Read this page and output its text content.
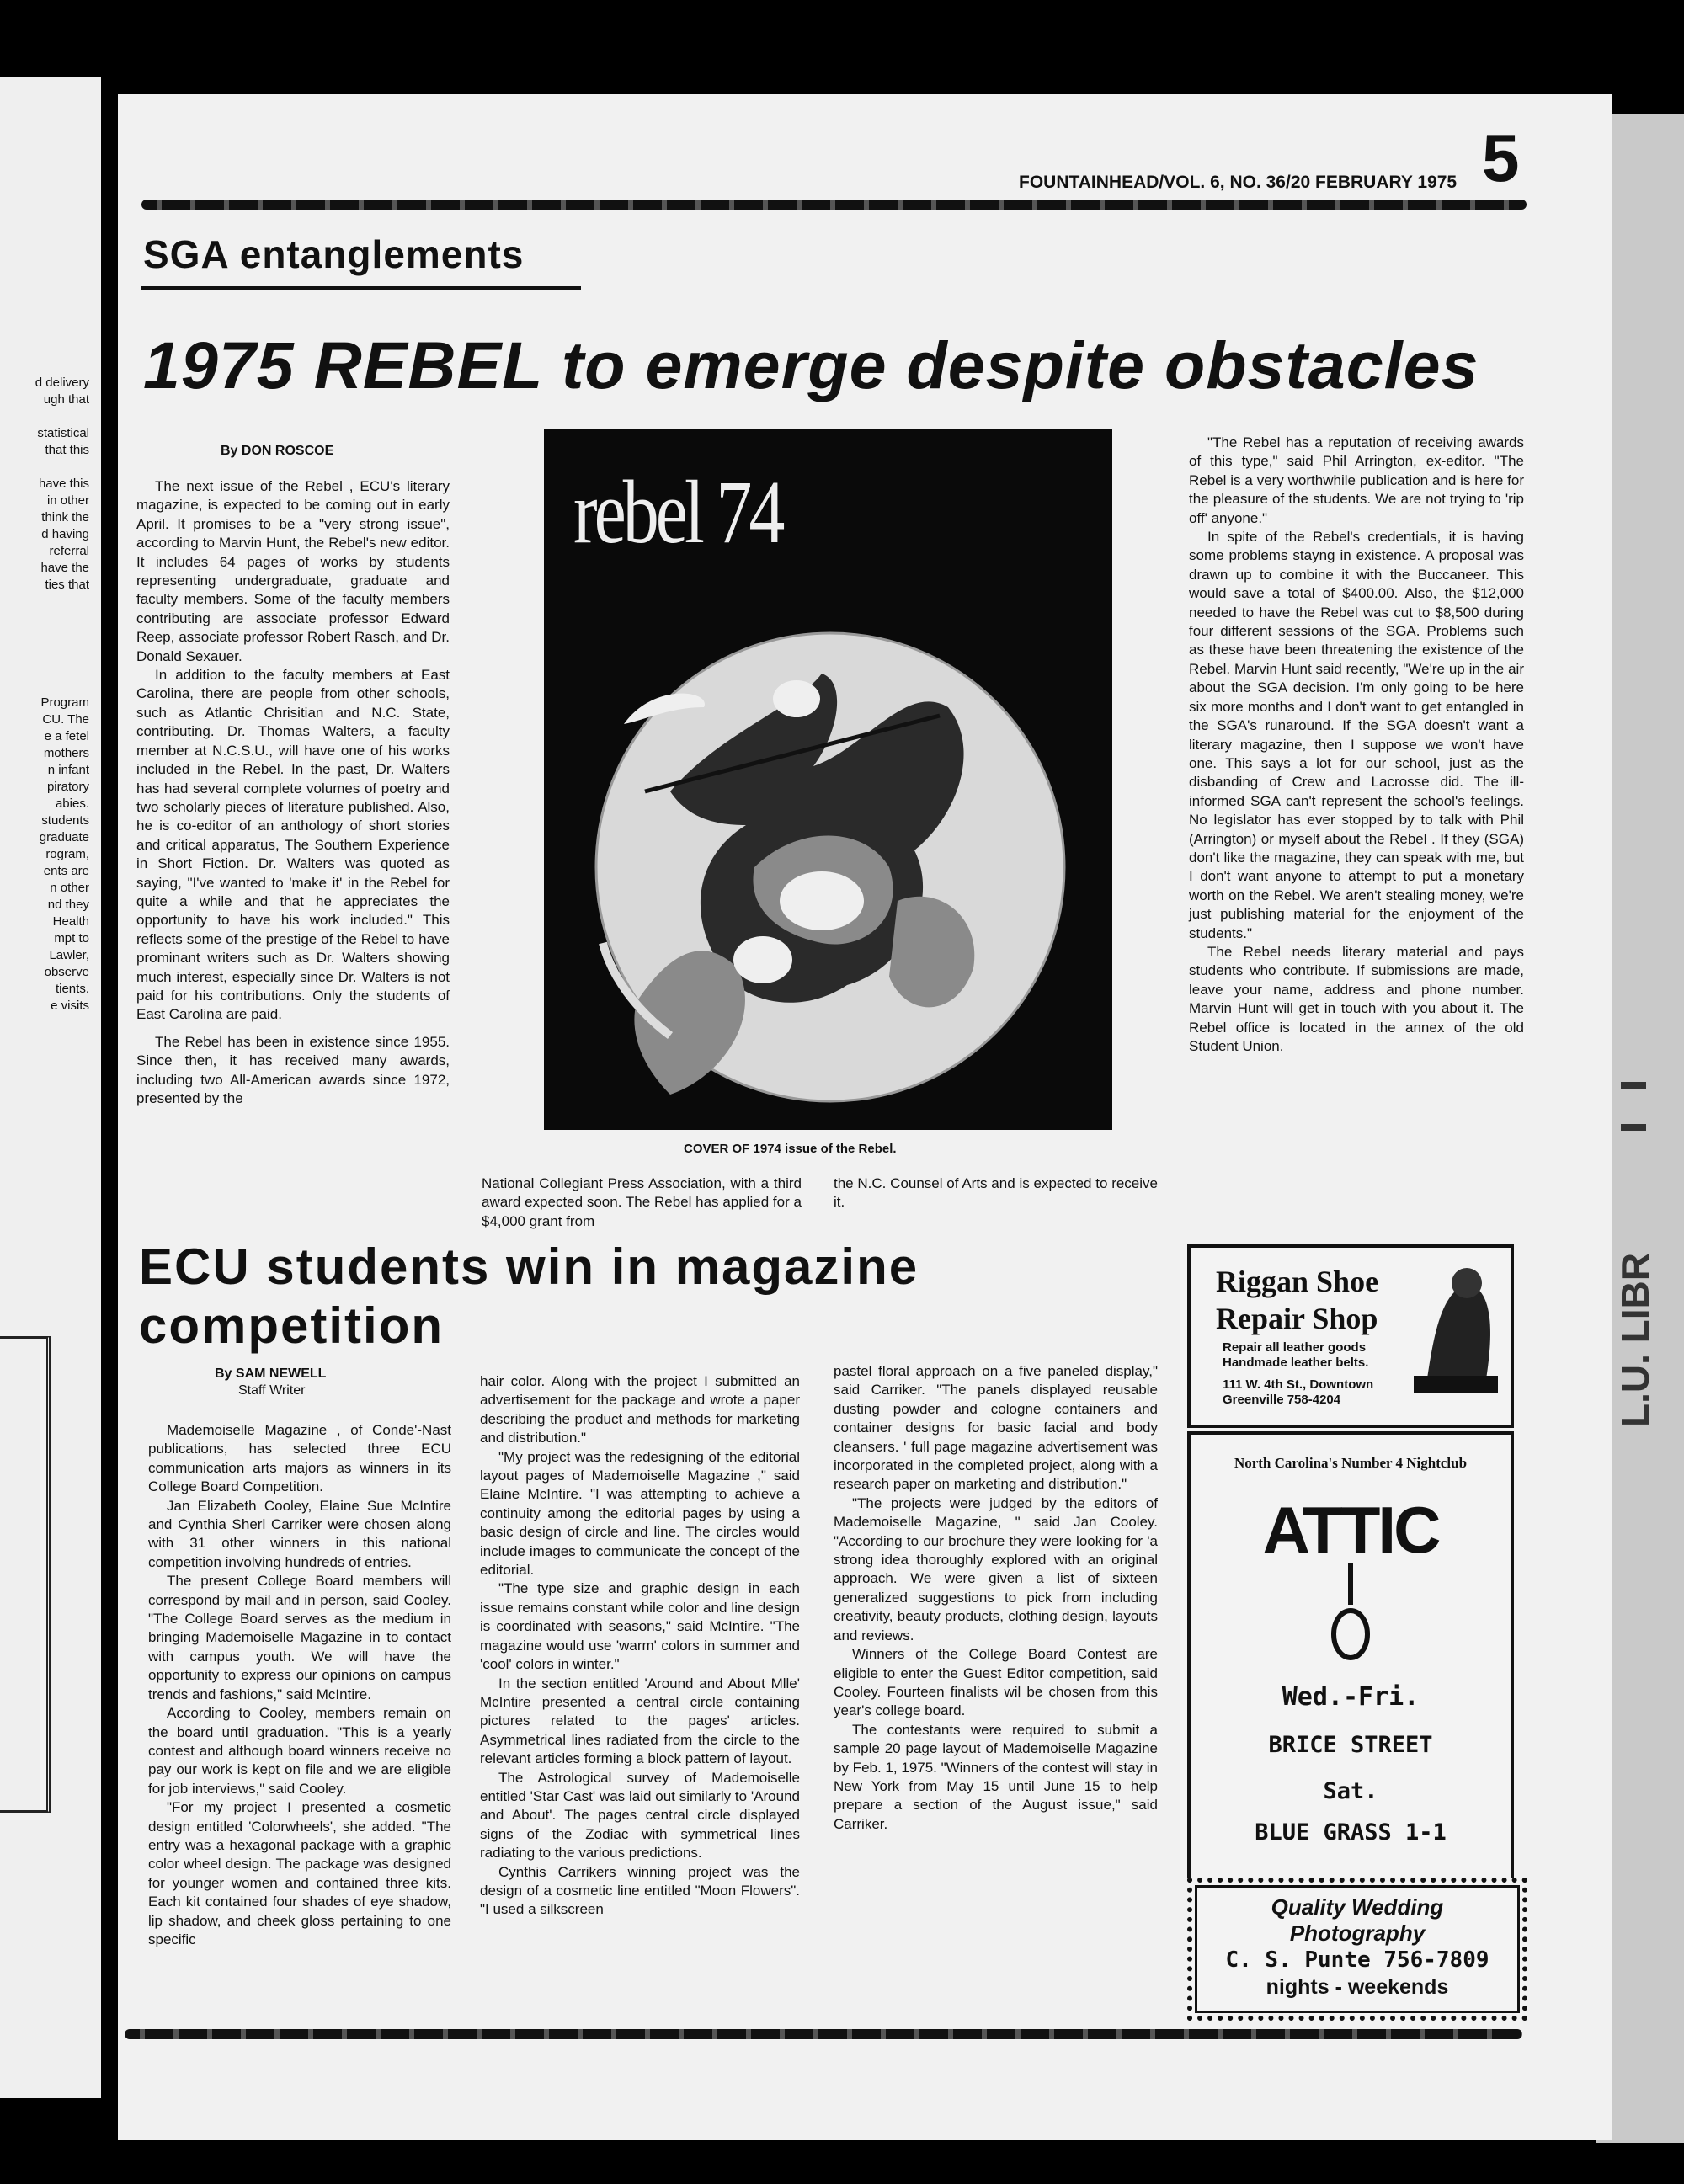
d delivery
ugh that
statistical
that this
have this
in other
think the
d having
referral
have the
ties that
Program
CU. The
e a fetel
mothers
n infant
piratory
abies.
students
graduate
rogram,
ents are
n other
nd they
Health
mpt to
Lawler,
observe
tients.
e visits
L.U. LIBR
FOUNTAINHEAD/VOL. 6, NO. 36/20 FEBRUARY 1975 5
SGA entanglements
1975 REBEL to emerge despite obstacles
By DON ROSCOE

The next issue of the Rebel , ECU's literary magazine, is expected to be coming out in early April. It promises to be a "very strong issue", according to Marvin Hunt, the Rebel's new editor. It includes 64 pages of works by students representing undergraduate, graduate and faculty members. Some of the faculty members contributing are associate professor Edward Reep, associate professor Robert Rasch, and Dr. Donald Sexauer.

In addition to the faculty members at East Carolina, there are people from other schools, such as Atlantic Chrisitian and N.C. State, contributing. Dr. Thomas Walters, a faculty member at N.C.S.U., will have one of his works included in the Rebel. In the past, Dr. Walters has had several complete volumes of poetry and two scholarly pieces of literature published. Also, he is co-editor of an anthology of short stories and critical apparatus, The Southern Experience in Short Fiction. Dr. Walters was quoted as saying, "I've wanted to 'make it' in the Rebel for quite a while and that he appreciates the opportunity to have his work included." This reflects some of the prestige of the Rebel to have prominant writers such as Dr. Walters showing much interest, especially since Dr. Walters is not paid for his contributions. Only the students of East Carolina are paid.

The Rebel has been in existence since 1955. Since then, it has received many awards, including two All-American awards since 1972, presented by the

rebel 74
COVER OF 1974 issue of the Rebel.

National Collegiant Press Association, with a third award expected soon. The Rebel has applied for a $4,000 grant from

the N.C. Counsel of Arts and is expected to receive it.

"The Rebel has a reputation of receiving awards of this type," said Phil Arrington, ex-editor. "The Rebel is a very worthwhile publication and is here for the pleasure of the students. We are not trying to 'rip off' anyone."

In spite of the Rebel's credentials, it is having some problems stayng in existence. A proposal was drawn up to combine it with the Buccaneer. This would save a total of $400.00. Also, the $12,000 needed to have the Rebel was cut to $8,500 during four different sessions of the SGA. Problems such as these have been threatening the existence of the Rebel. Marvin Hunt said recently, "We're up in the air about the SGA decision. I'm only going to be here six more months and I don't want to get entangled in the SGA's runaround. If the SGA doesn't want a literary magazine, then I suppose we won't have one. This says a lot for our school, just as the disbanding of Crew and Lacrosse did. The ill-informed SGA can't represent the school's feelings. No legislator has ever stopped by to talk with Phil (Arrington) or myself about the Rebel . If they (SGA) don't like the magazine, they can speak with me, but I don't want anyone to attempt to put a monetary worth on the Rebel. We aren't stealing money, we're just publishing material for the enjoyment of the students."

The Rebel needs literary material and pays students who contribute. If submissions are made, leave your name, address and phone number. Marvin Hunt will get in touch with you about it. The Rebel office is located in the annex of the old Student Union.

ECU students win in magazine
competition
By SAM NEWELL
Staff Writer

Mademoiselle Magazine , of Conde'-Nast publications, has selected three ECU communication arts majors as winners in its College Board Competition.

Jan Elizabeth Cooley, Elaine Sue McIntire and Cynthia Sherl Carriker were chosen along with 31 other winners in this national competition involving hundreds of entries.

The present College Board members will correspond by mail and in person, said Cooley. "The College Board serves as the medium in bringing Mademoiselle Magazine in to contact with campus youth. We will have the opportunity to express our opinions on campus trends and fashions," said McIntire.

According to Cooley, members remain on the board until graduation. "This is a yearly contest and although board winners receive no pay our work is kept on file and we are eligible for job interviews," said Cooley.

"For my project I presented a cosmetic design entitled 'Colorwheels', she added. "The entry was a hexagonal package with a graphic color wheel design. The package was designed for younger women and contained three kits. Each kit contained four shades of eye shadow, lip shadow, and cheek gloss pertaining to one specific

hair color. Along with the project I submitted an advertisement for the package and wrote a paper describing the product and methods for marketing and distribution."

"My project was the redesigning of the editorial layout pages of Mademoiselle Magazine ," said Elaine McIntire. "I was attempting to achieve a continuity among the editorial pages by using a basic design of circle and line. The circles would include images to communicate the concept of the editorial.

"The type size and graphic design in each issue remains constant while color and line design is coordinated with seasons," said McIntire. "The magazine would use 'warm' colors in summer and 'cool' colors in winter."

In the section entitled 'Around and About Mlle' McIntire presented a central circle containing pictures related to the pages' articles. Asymmetrical lines radiated from the circle to the relevant articles forming a block pattern of layout.

The Astrological survey of Mademoiselle entitled 'Star Cast' was laid out similarly to 'Around and About'. The pages central circle displayed signs of the Zodiac with symmetrical lines radiating to the various predictions.

Cynthis Carrikers winning project was the design of a cosmetic line entitled "Moon Flowers". "I used a silkscreen

pastel floral approach on a five paneled display," said Carriker. "The panels displayed reusable dusting powder and cologne containers and container designs for basic facial and body cleansers. ' full page magazine advertisement was incorporated in the completed project, along with a research paper on marketing and distribution."

"The projects were judged by the editors of Mademoiselle Magazine, " said Jan Cooley. "According to our brochure they were looking for 'a strong idea thoroughly explored with an original approach. We were given a list of sixteen generalized suggestions to pick from including creativity, beauty products, clothing design, layouts and reviews.

Winners of the College Board Contest are eligible to enter the Guest Editor competition, said Cooley. Fourteen finalists wil be chosen from this year's college board.

The contestants were required to submit a sample 20 page layout of Mademoiselle Magazine by Feb. 1, 1975. "Winners of the contest will stay in New York from May 15 until June 15 to help prepare a section of the August issue," said Carriker.

Riggan Shoe
Repair Shop
Repair all leather goods
Handmade leather belts.
111 W. 4th St., Downtown
Greenville 758-4204
North Carolina's Number 4 Nightclub
ATTIC
Wed.-Fri.
BRICE STREET
Sat.
BLUE GRASS 1-1
Quality Wedding
Photography
C. S. Punte 756-7809
nights - weekends
